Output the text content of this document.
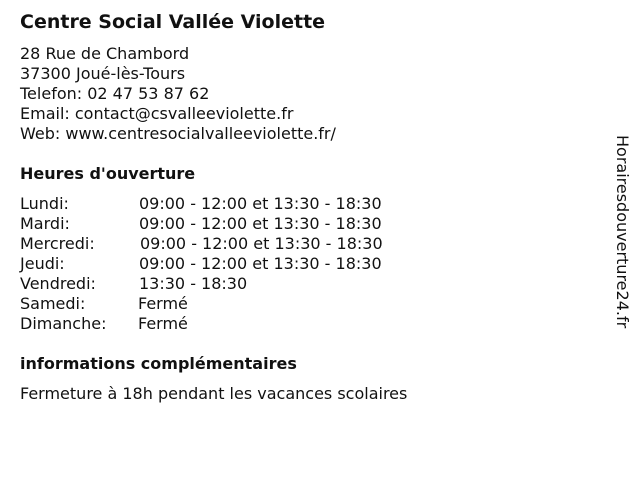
Centre Social Vallée Violette
28 Rue de Chambord
37300 Joué-lès-Tours
Telefon: 02 47 53 87 62
Email: contact@csvalleeviolette.fr
Web: www.centresocialvalleeviolette.fr/
Heures d'ouverture
Lundi:	09:00 - 12:00 et 13:30 - 18:30
Mardi:	09:00 - 12:00 et 13:30 - 18:30
Mercredi:	09:00 - 12:00 et 13:30 - 18:30
Jeudi:	09:00 - 12:00 et 13:30 - 18:30
Vendredi:	13:30 - 18:30
Samedi:	Fermé
Dimanche: Fermé
informations complémentaires
Fermeture à 18h pendant les vacances scolaires
Horairesdouverture24.fr
